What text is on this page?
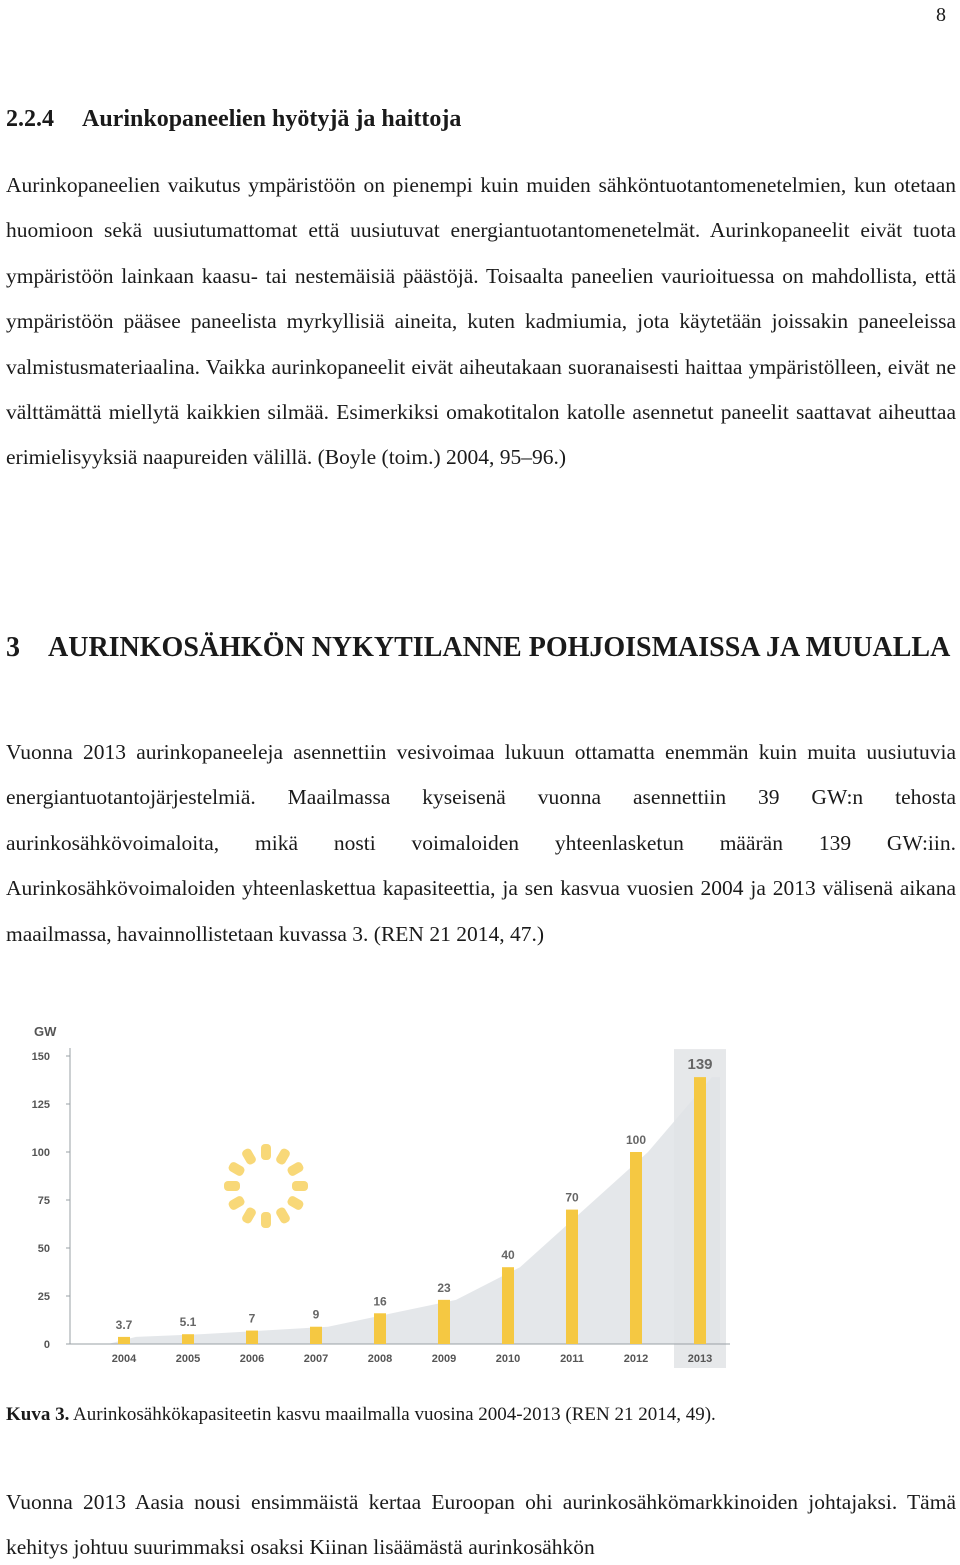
8
2.2.4 Aurinkopaneelien hyötyjä ja haittoja

Aurinkopaneelien vaikutus ympäristöön on pienempi kuin muiden sähköntuotantomenetelmien, kun otetaan huomioon sekä uusiutumattomat että uusiutuvat energiantuotantomenetelmät. Aurinkopaneelit eivät tuota ympäristöön lainkaan kaasu- tai nestemäisiä päästöjä. Toisaalta paneelien vaurioituessa on mahdollista, että ympäristöön pääsee paneelista myrkyllisiä aineita, kuten kadmiumia, jota käytetään joissakin paneeleissa valmistusmateriaalina. Vaikka aurinkopaneelit eivät aiheutakaan suoranaisesti haittaa ympäristölleen, eivät ne välttämättä miellytä kaikkien silmää. Esimerkiksi omakotitalon katolle asennetut paneelit saattavat aiheuttaa erimielisyyksiä naapureiden välillä. (Boyle (toim.) 2004, 95–96.)

3 AURINKOSÄHKÖN NYKYTILANNE POHJOISMAISSA JA MUUALLA

Vuonna 2013 aurinkopaneeleja asennettiin vesivoimaa lukuun ottamatta enemmän kuin muita uusiutuvia energiantuotantojärjestelmiä. Maailmassa kyseisenä vuonna asennettiin 39 GW:n tehosta aurinkosähkövoimaloita, mikä nosti voimaloiden yhteenlasketun määrän 139 GW:iin. Aurinkosähkövoimaloiden yhteenlaskettua kapasiteettia, ja sen kasvua vuosien 2004 ja 2013 välisenä aikana maailmassa, havainnollistetaan kuvassa 3. (REN 21 2014, 47.)

GW
0
25
50
75
100
125
150
3.7
2004
5.1
2005
7
2006
9
2007
16
2008
23
2009
40
2010
70
2011
100
2012
139
2013

Kuva 3. Aurinkosähkökapasiteetin kasvu maailmalla vuosina 2004-2013 (REN 21 2014, 49).

Vuonna 2013 Aasia nousi ensimmäistä kertaa Euroopan ohi aurinkosähkömarkkinoiden johtajaksi. Tämä kehitys johtuu suurimmaksi osaksi Kiinan lisäämästä aurinkosähkön
